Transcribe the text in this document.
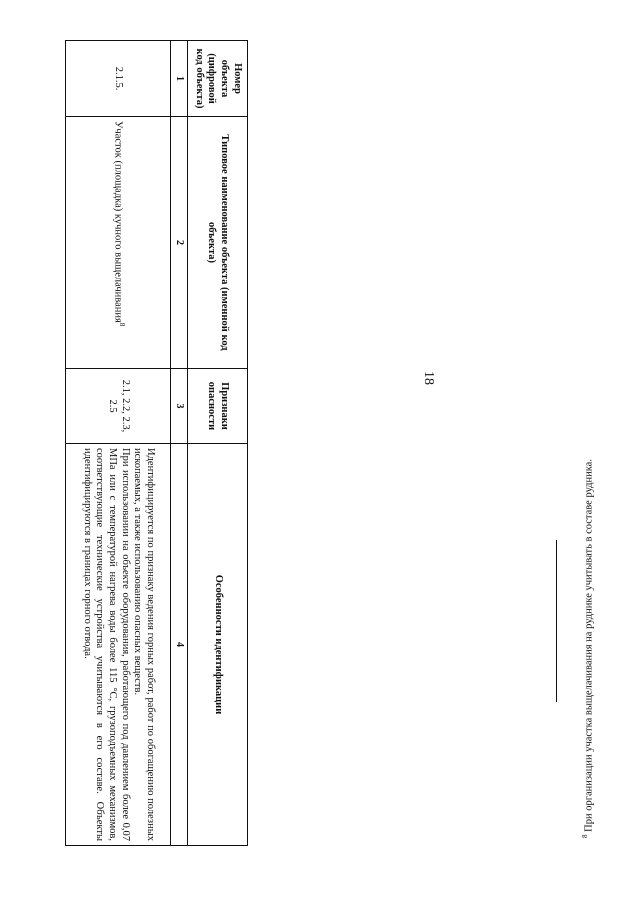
18
Номер объекта (цифровой код объекта)	Типовое наименование объекта (именной код объекта)	Признаки опасности	Особенности идентификации
1	2	3	4
2.1.5.	Участок (площадка) кучного выщелачивания$^8$	2.1, 2.2, 2.3, 2.5	Идентифицируется по признаку ведения горных работ, работ по обогащению полезных ископаемых, а также использованию опасных веществ.
При использовании на объекте оборудования, работающего под давлением более 0,07 МПа или с температурой нагрева воды более 115 °С, грузоподъемных механизмов, соответствующие технические устройства учитываются в его составе. Объекты идентифицируются в границах горного отвода.
$^8$ При организации участка выщелачивания на руднике учитывать в составе рудника.
